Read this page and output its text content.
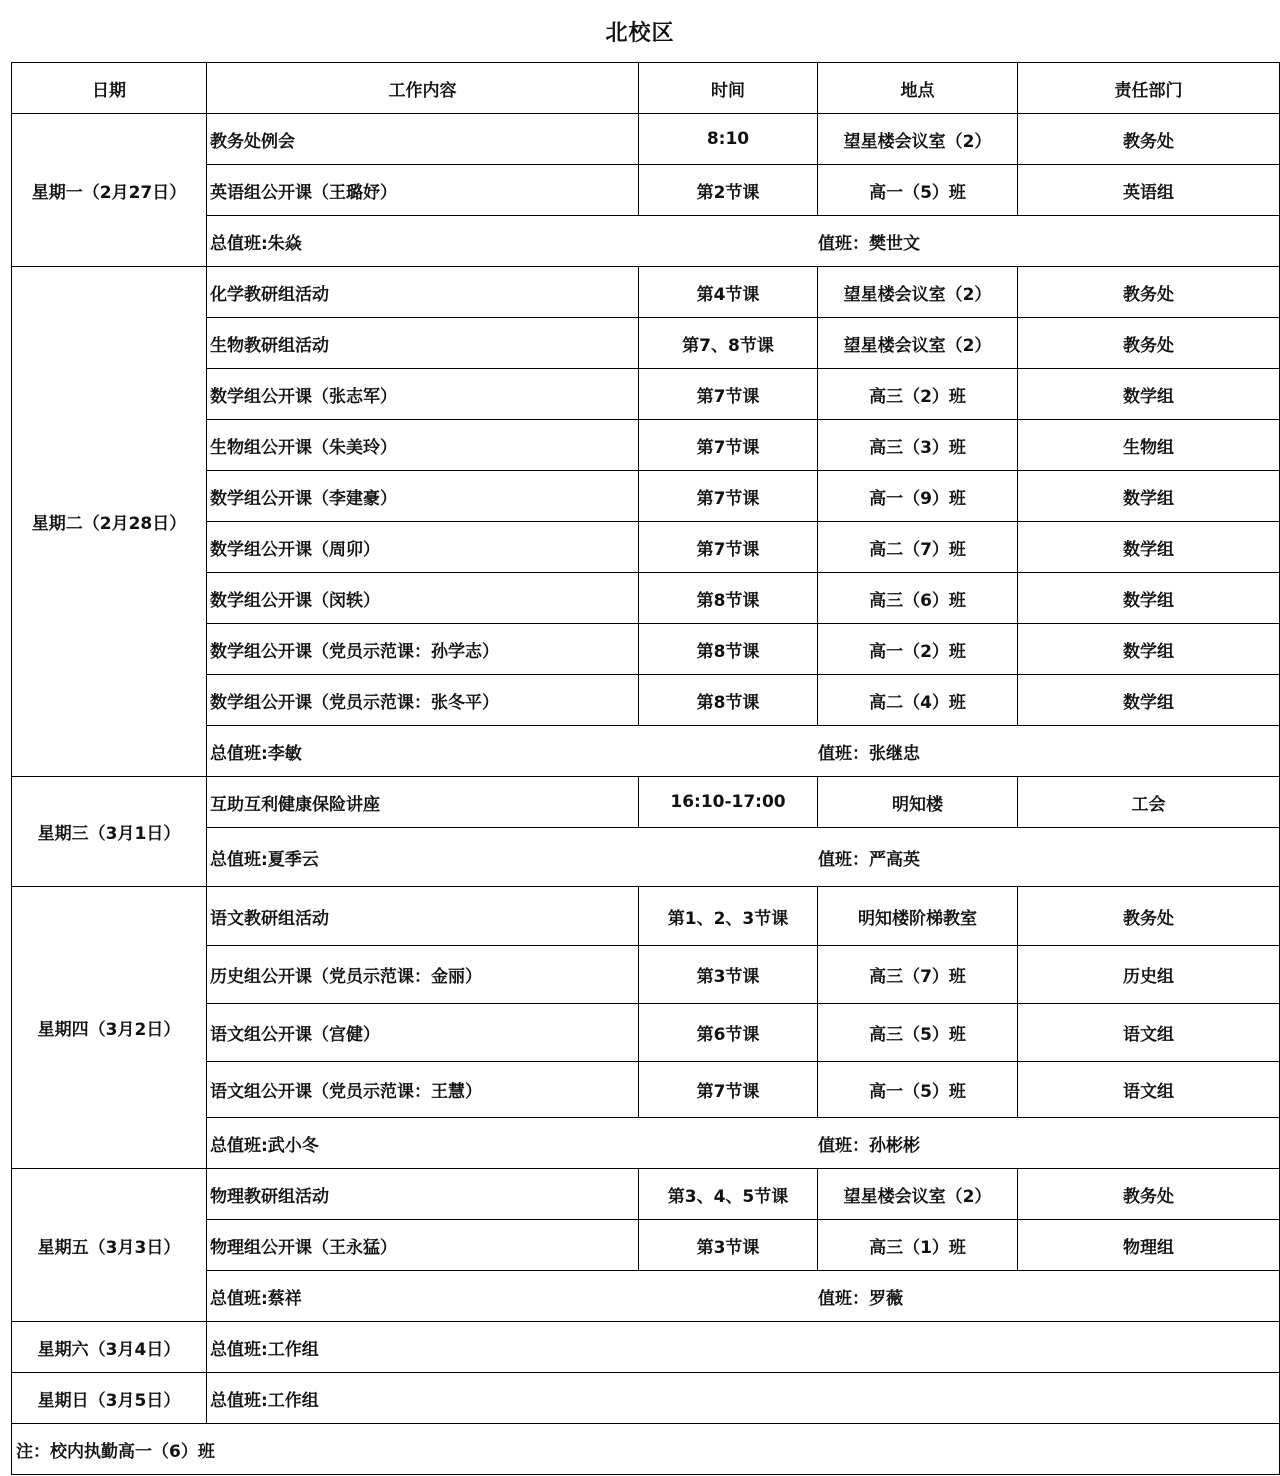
北校区
日期	工作内容	时间	地点	责任部门
星期一（2月27日）	教务处例会	8:10	望星楼会议室（2）	教务处
	英语组公开课（王璐妤）	第2节课	高一（5）班	英语组

	总值班:朱焱 值班：樊世文			

星期二（2月28日）	化学教研组活动	第4节课	望星楼会议室（2）	教务处
	生物教研组活动	第7、8节课	望星楼会议室（2）	教务处
	数学组公开课（张志军）	第7节课	高三（2）班	数学组
	生物组公开课（朱美玲）	第7节课	高三（3）班	生物组
	数学组公开课（李建豪）	第7节课	高一（9）班	数学组
	数学组公开课（周卯）	第7节课	高二（7）班	数学组
	数学组公开课（闵轶）	第8节课	高三（6）班	数学组
	数学组公开课（党员示范课：孙学志）	第8节课	高一（2）班	数学组
	数学组公开课（党员示范课：张冬平）	第8节课	高二（4）班	数学组

	总值班:李敏 值班：张继忠			

星期三（3月1日）	互助互利健康保险讲座	16:10-17:00	明知楼	工会

	总值班:夏季云 值班：严高英			

星期四（3月2日）	语文教研组活动	第1、2、3节课	明知楼阶梯教室	教务处
	历史组公开课（党员示范课：金丽）	第3节课	高三（7）班	历史组
	语文组公开课（宫健）	第6节课	高三（5）班	语文组
	语文组公开课（党员示范课：王慧）	第7节课	高一（5）班	语文组

	总值班:武小冬 值班：孙彬彬			

星期五（3月3日）	物理教研组活动	第3、4、5节课	望星楼会议室（2）	教务处
	物理组公开课（王永猛）	第3节课	高三（1）班	物理组

	总值班:蔡祥 值班：罗薇			

星期六（3月4日）	总值班:工作组			
星期日（3月5日）	总值班:工作组			
注：校内执勤高一（6）班				
